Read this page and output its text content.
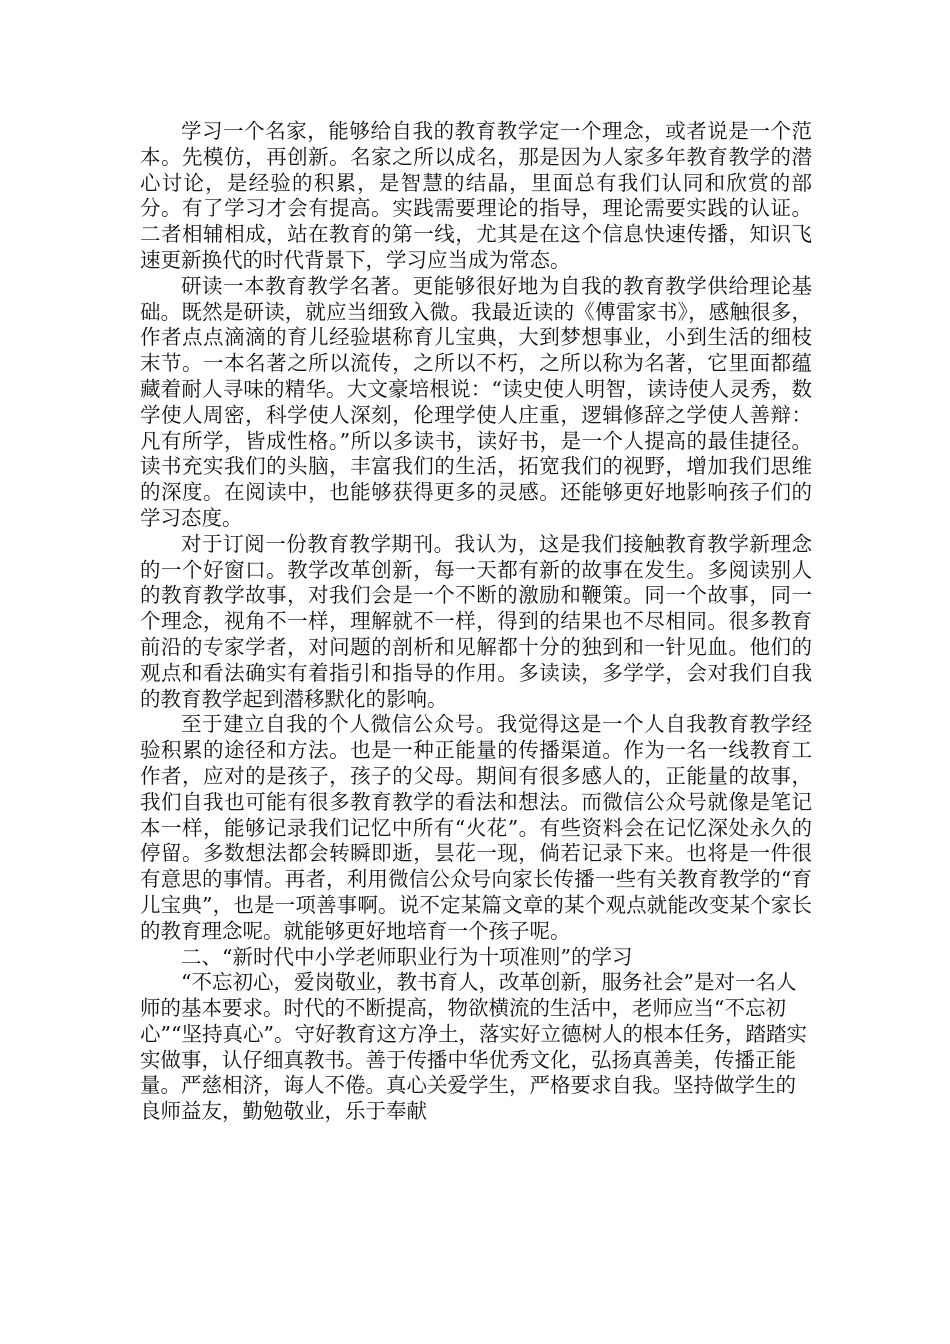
学习一个名家，能够给自我的教育教学定一个理念，或者说是一个范本。先模仿，再创新。名家之所以成名，那是因为人家多年教育教学的潜心讨论，是经验的积累，是智慧的结晶，里面总有我们认同和欣赏的部分。有了学习才会有提高。实践需要理论的指导，理论需要实践的认证。二者相辅相成，站在教育的第一线，尤其是在这个信息快速传播，知识飞速更新换代的时代背景下，学习应当成为常态。

研读一本教育教学名著。更能够很好地为自我的教育教学供给理论基础。既然是研读，就应当细致入微。我最近读的《傅雷家书》，感触很多，作者点点滴滴的育儿经验堪称育儿宝典，大到梦想事业，小到生活的细枝末节。一本名著之所以流传，之所以不朽，之所以称为名著，它里面都蕴藏着耐人寻味的精华。大文豪培根说：“读史使人明智，读诗使人灵秀，数学使人周密，科学使人深刻，伦理学使人庄重，逻辑修辞之学使人善辩：凡有所学，皆成性格。”所以多读书，读好书，是一个人提高的最佳捷径。读书充实我们的头脑，丰富我们的生活，拓宽我们的视野，增加我们思维的深度。在阅读中，也能够获得更多的灵感。还能够更好地影响孩子们的学习态度。

对于订阅一份教育教学期刊。我认为，这是我们接触教育教学新理念的一个好窗口。教学改革创新，每一天都有新的故事在发生。多阅读别人的教育教学故事，对我们会是一个不断的激励和鞭策。同一个故事，同一个理念，视角不一样，理解就不一样，得到的结果也不尽相同。很多教育前沿的专家学者，对问题的剖析和见解都十分的独到和一针见血。他们的观点和看法确实有着指引和指导的作用。多读读，多学学，会对我们自我的教育教学起到潜移默化的影响。

至于建立自我的个人微信公众号。我觉得这是一个人自我教育教学经验积累的途径和方法。也是一种正能量的传播渠道。作为一名一线教育工作者，应对的是孩子，孩子的父母。期间有很多感人的，正能量的故事，我们自我也可能有很多教育教学的看法和想法。而微信公众号就像是笔记本一样，能够记录我们记忆中所有“火花”。有些资料会在记忆深处永久的停留。多数想法都会转瞬即逝，昙花一现，倘若记录下来。也将是一件很有意思的事情。再者，利用微信公众号向家长传播一些有关教育教学的“育儿宝典”，也是一项善事啊。说不定某篇文章的某个观点就能改变某个家长的教育理念呢。就能够更好地培育一个孩子呢。

二、“新时代中小学老师职业行为十项准则”的学习

“不忘初心，爱岗敬业，教书育人，改革创新，服务社会”是对一名人师的基本要求。时代的不断提高，物欲横流的生活中，老师应当“不忘初心”“坚持真心”。守好教育这方净土，落实好立德树人的根本任务，踏踏实实做事，认仔细真教书。善于传播中华优秀文化，弘扬真善美，传播正能量。严慈相济，诲人不倦。真心关爱学生，严格要求自我。坚持做学生的良师益友，勤勉敬业，乐于奉献
